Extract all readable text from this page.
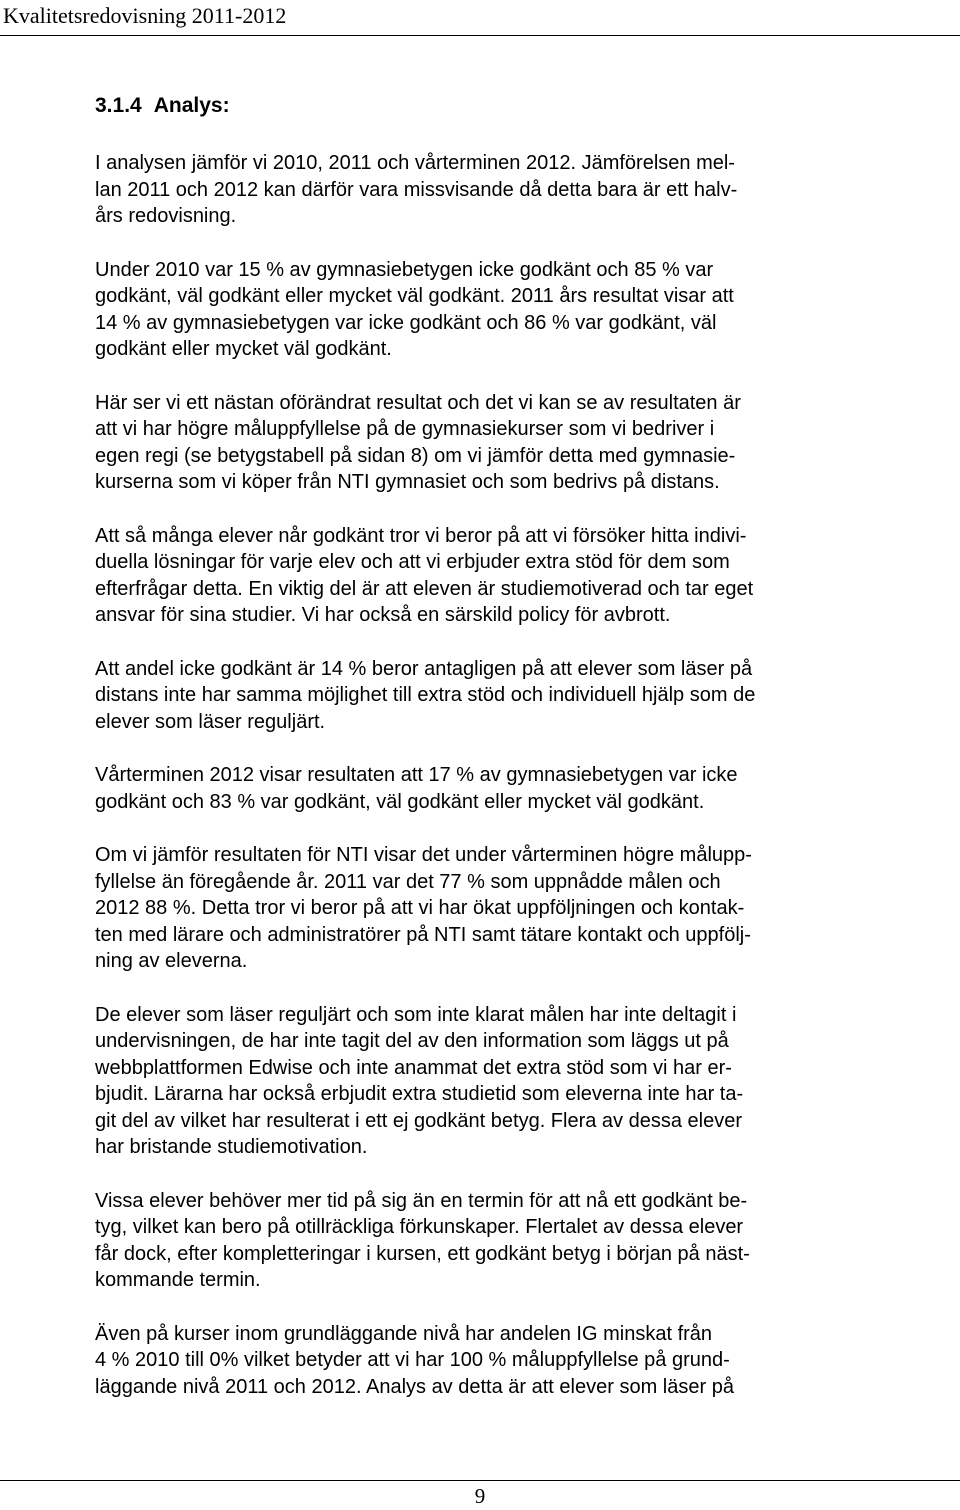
Kvalitetsredovisning 2011-2012
3.1.4 Analys:
I analysen jämför vi 2010, 2011 och vårterminen 2012. Jämförelsen mel-
lan 2011 och 2012 kan därför vara missvisande då detta bara är ett halv-
års redovisning.
Under 2010 var 15 % av gymnasiebetygen icke godkänt och 85 % var
godkänt, väl godkänt eller mycket väl godkänt. 2011 års resultat visar att
14 % av gymnasiebetygen var icke godkänt och 86 % var godkänt, väl
godkänt eller mycket väl godkänt.
Här ser vi ett nästan oförändrat resultat och det vi kan se av resultaten är
att vi har högre måluppfyllelse på de gymnasiekurser som vi bedriver i
egen regi (se betygstabell på sidan 8) om vi jämför detta med gymnasie-
kurserna som vi köper från NTI gymnasiet och som bedrivs på distans.
Att så många elever når godkänt tror vi beror på att vi försöker hitta indivi-
duella lösningar för varje elev och att vi erbjuder extra stöd för dem som
efterfrågar detta. En viktig del är att eleven är studiemotiverad och tar eget
ansvar för sina studier. Vi har också en särskild policy för avbrott.
Att andel icke godkänt är 14 % beror antagligen på att elever som läser på
distans inte har samma möjlighet till extra stöd och individuell hjälp som de
elever som läser reguljärt.
Vårterminen 2012 visar resultaten att 17 % av gymnasiebetygen var icke
godkänt och 83 % var godkänt, väl godkänt eller mycket väl godkänt.
Om vi jämför resultaten för NTI visar det under vårterminen högre målupp-
fyllelse än föregående år. 2011 var det 77 % som uppnådde målen och
2012 88 %. Detta tror vi beror på att vi har ökat uppföljningen och kontak-
ten med lärare och administratörer på NTI samt tätare kontakt och uppfölj-
ning av eleverna.
De elever som läser reguljärt och som inte klarat målen har inte deltagit i
undervisningen, de har inte tagit del av den information som läggs ut på
webbplattformen Edwise och inte anammat det extra stöd som vi har er-
bjudit. Lärarna har också erbjudit extra studietid som eleverna inte har ta-
git del av vilket har resulterat i ett ej godkänt betyg. Flera av dessa elever
har bristande studiemotivation.
Vissa elever behöver mer tid på sig än en termin för att nå ett godkänt be-
tyg, vilket kan bero på otillräckliga förkunskaper. Flertalet av dessa elever
får dock, efter kompletteringar i kursen, ett godkänt betyg i början på näst-
kommande termin.
Även på kurser inom grundläggande nivå har andelen IG minskat från
4 % 2010 till 0% vilket betyder att vi har 100 % måluppfyllelse på grund-
läggande nivå 2011 och 2012. Analys av detta är att elever som läser på
9
